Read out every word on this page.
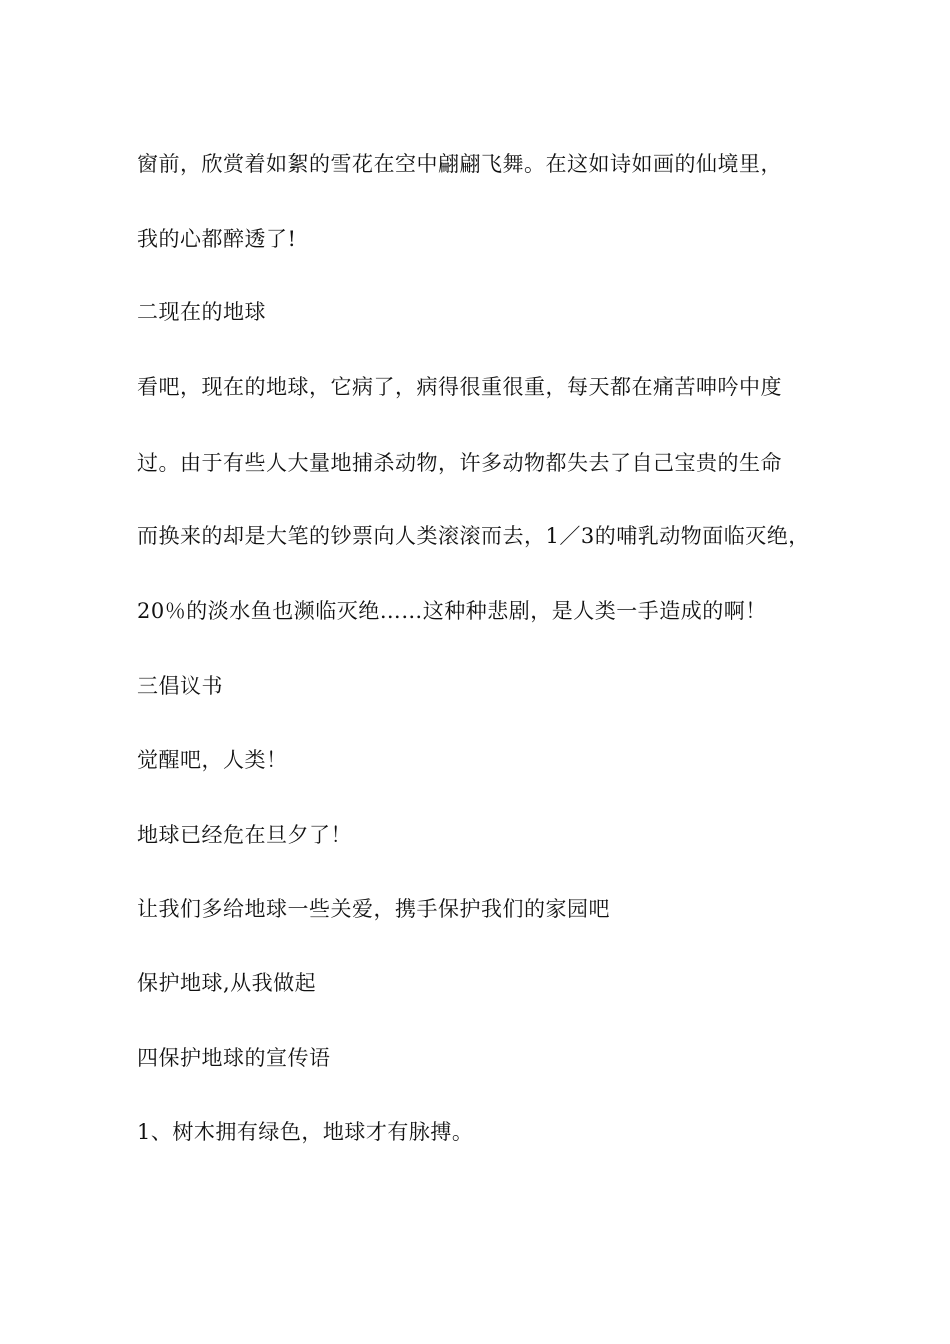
窗前，欣赏着如絮的雪花在空中翩翩飞舞。在这如诗如画的仙境里，
我的心都醉透了!
二现在的地球
看吧，现在的地球，它病了，病得很重很重，每天都在痛苦呻吟中度
过。由于有些人大量地捕杀动物，许多动物都失去了自己宝贵的生命
而换来的却是大笔的钞票向人类滚滚而去，1／3的哺乳动物面临灭绝，
20％的淡水鱼也濒临灭绝……这种种悲剧，是人类一手造成的啊！
三倡议书
觉醒吧，人类！
地球已经危在旦夕了！
让我们多给地球一些关爱，携手保护我们的家园吧
保护地球,从我做起
四保护地球的宣传语
1、树木拥有绿色，地球才有脉搏。
